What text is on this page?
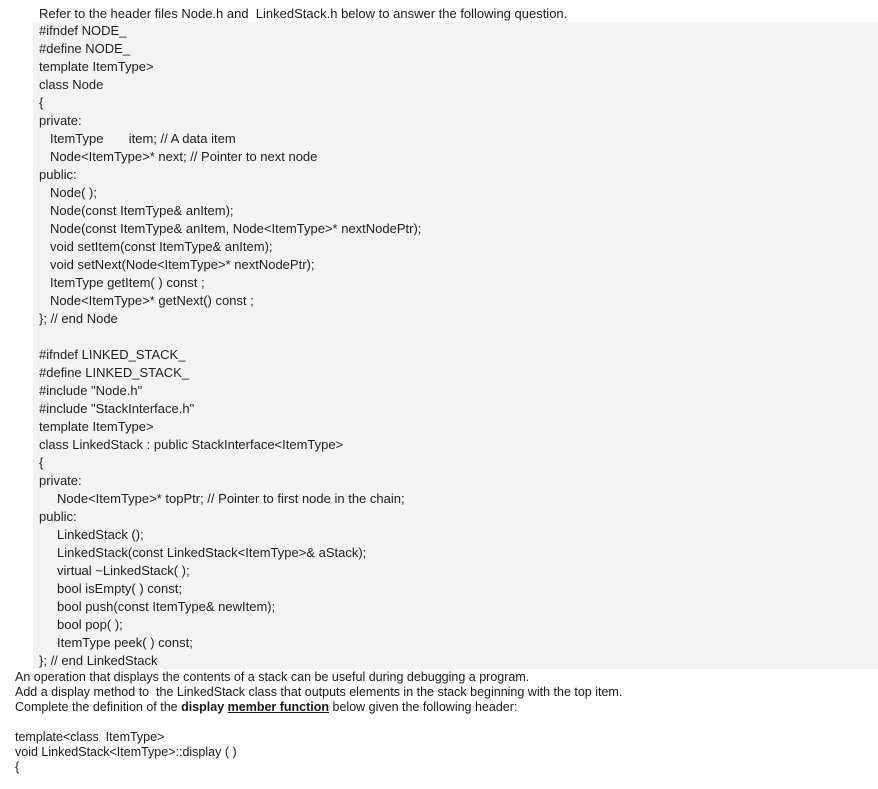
Refer to the header files Node.h and  LinkedStack.h below to answer the following question.
#ifndef NODE_
#define NODE_
template ItemType>
class Node
{
private:
ItemType       item; // A data item
Node<ItemType>* next; // Pointer to next node
public:
Node( );
Node(const ItemType& anItem);
Node(const ItemType& anItem, Node<ItemType>* nextNodePtr);
void setItem(const ItemType& anItem);
void setNext(Node<ItemType>* nextNodePtr);
ItemType getItem( ) const ;
Node<ItemType>* getNext() const ;
}; // end Node
#ifndef LINKED_STACK_
#define LINKED_STACK_
#include "Node.h"
#include "StackInterface.h"
template ItemType>
class LinkedStack : public StackInterface<ItemType>
{
private:
Node<ItemType>* topPtr; // Pointer to first node in the chain;
public:
LinkedStack ();
LinkedStack(const LinkedStack<ItemType>& aStack);
virtual ~LinkedStack( );
bool isEmpty( ) const;
bool push(const ItemType& newItem);
bool pop( );
ItemType peek( ) const;
}; // end LinkedStack
An operation that displays the contents of a stack can be useful during debugging a program.
Add a display method to  the LinkedStack class that outputs elements in the stack beginning with the top item.
Complete the definition of the display member function below given the following header:
template<class  ItemType>
void LinkedStack<ItemType>::display ( )
{
